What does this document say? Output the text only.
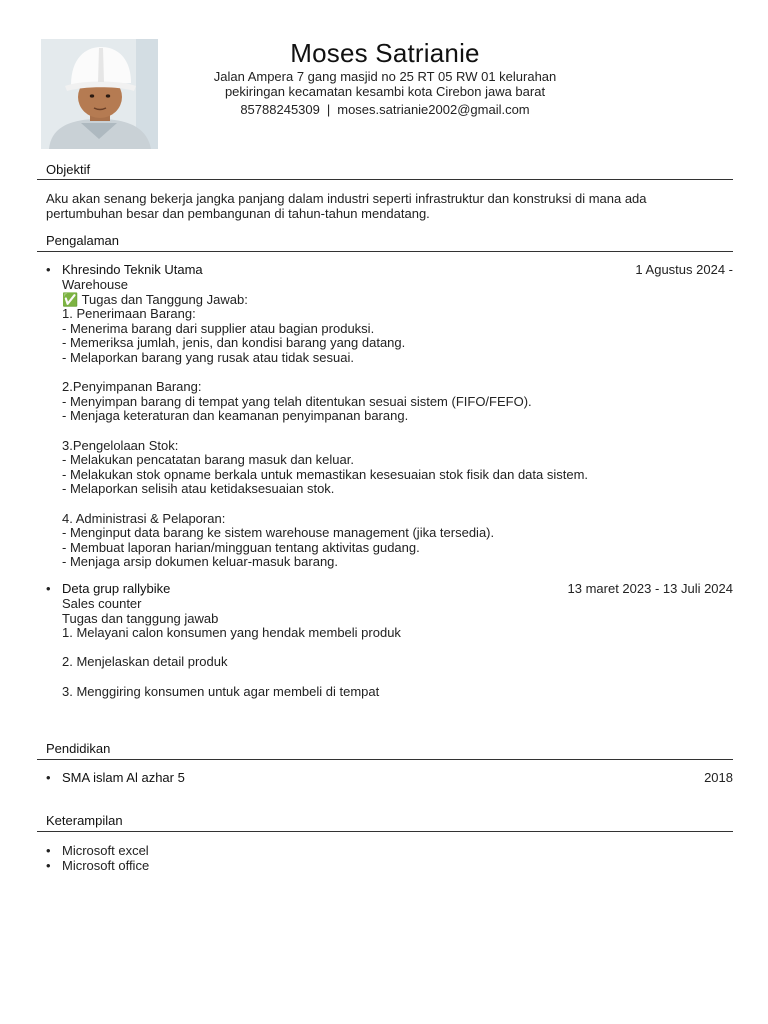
Moses Satrianie
Jalan Ampera 7 gang masjid no 25 RT 05 RW 01 kelurahan
pekiringan kecamatan kesambi kota Cirebon jawa barat
85788245309 | moses.satrianie2002@gmail.com
Objektif
Aku akan senang bekerja jangka panjang dalam industri seperti infrastruktur dan konstruksi di mana ada
pertumbuhan besar dan pembangunan di tahun-tahun mendatang.
Pengalaman
• Khresindo Teknik Utama	1 Agustus 2024 -
Warehouse
✅ Tugas dan Tanggung Jawab:
1. Penerimaan Barang:
- Menerima barang dari supplier atau bagian produksi.
- Memeriksa jumlah, jenis, dan kondisi barang yang datang.
- Melaporkan barang yang rusak atau tidak sesuai.
2.Penyimpanan Barang:
- Menyimpan barang di tempat yang telah ditentukan sesuai sistem (FIFO/FEFO).
- Menjaga keteraturan dan keamanan penyimpanan barang.
3.Pengelolaan Stok:
- Melakukan pencatatan barang masuk dan keluar.
- Melakukan stok opname berkala untuk memastikan kesesuaian stok fisik dan data sistem.
- Melaporkan selisih atau ketidaksesuaian stok.
4. Administrasi & Pelaporan:
- Menginput data barang ke sistem warehouse management (jika tersedia).
- Membuat laporan harian/mingguan tentang aktivitas gudang.
- Menjaga arsip dokumen keluar-masuk barang.
• Deta grup rallybike	13 maret 2023 - 13 Juli 2024
Sales counter
Tugas dan tanggung jawab
1. Melayani calon konsumen yang hendak membeli produk
2. Menjelaskan detail produk
3. Menggiring konsumen untuk agar membeli di tempat
Pendidikan
• SMA islam Al azhar 5	2018
Keterampilan
• Microsoft excel
• Microsoft office
